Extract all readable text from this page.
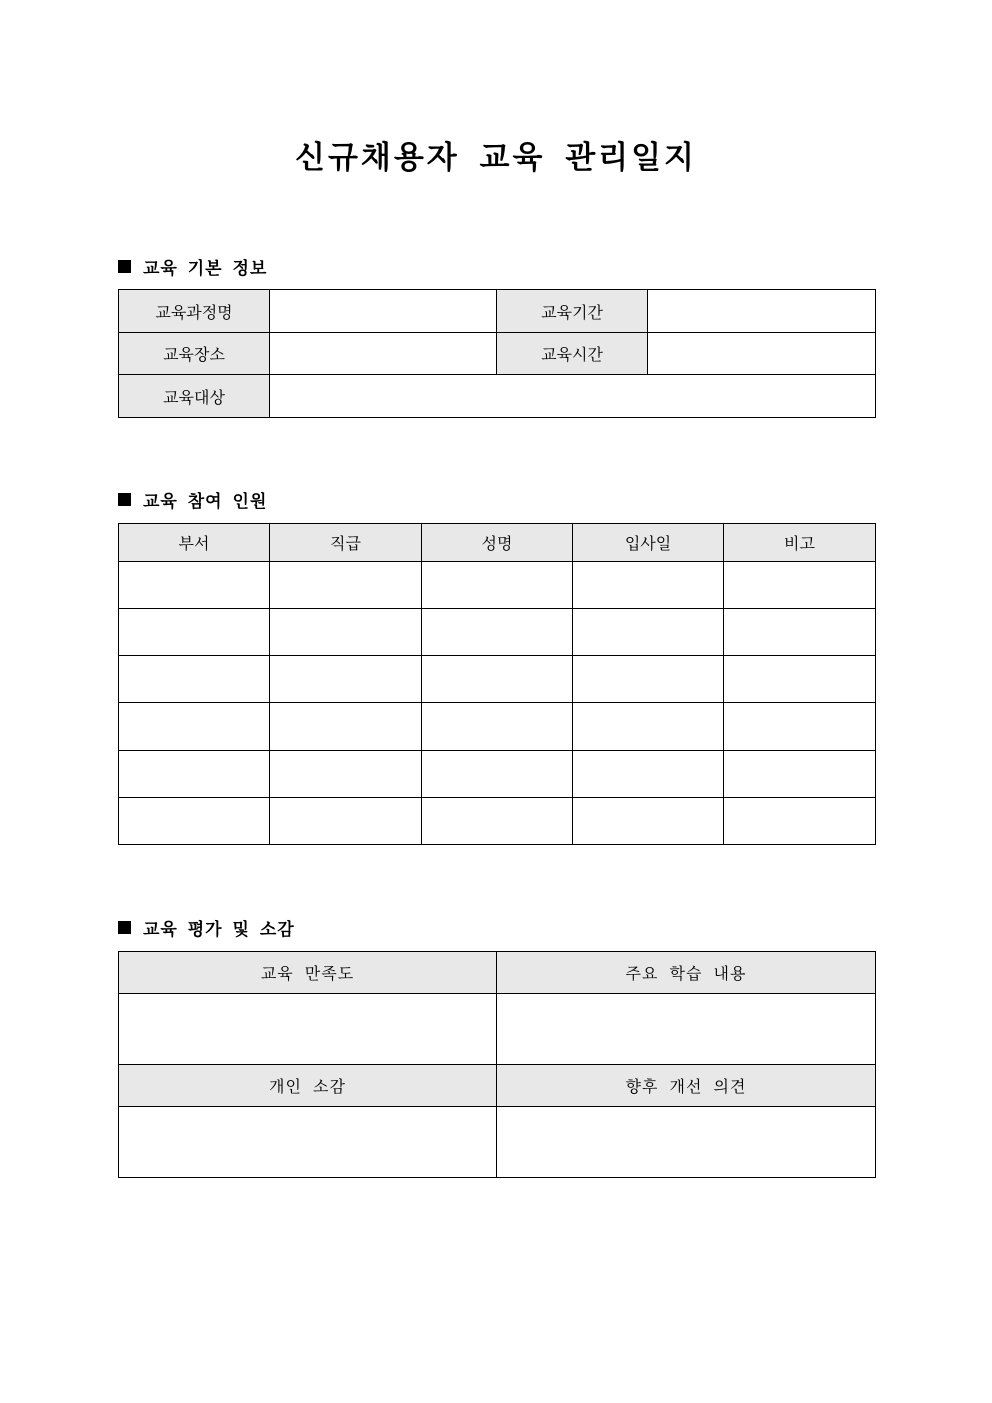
신규채용자 교육 관리일지
교육 기본 정보
교육과정명		교육기간	
교육장소		교육시간	
교육대상			
교육 참여 인원
부서	직급	성명	입사일	비고

교육 평가 및 소감
교육 만족도	주요 학습 내용

개인 소감	향후 개선 의견
